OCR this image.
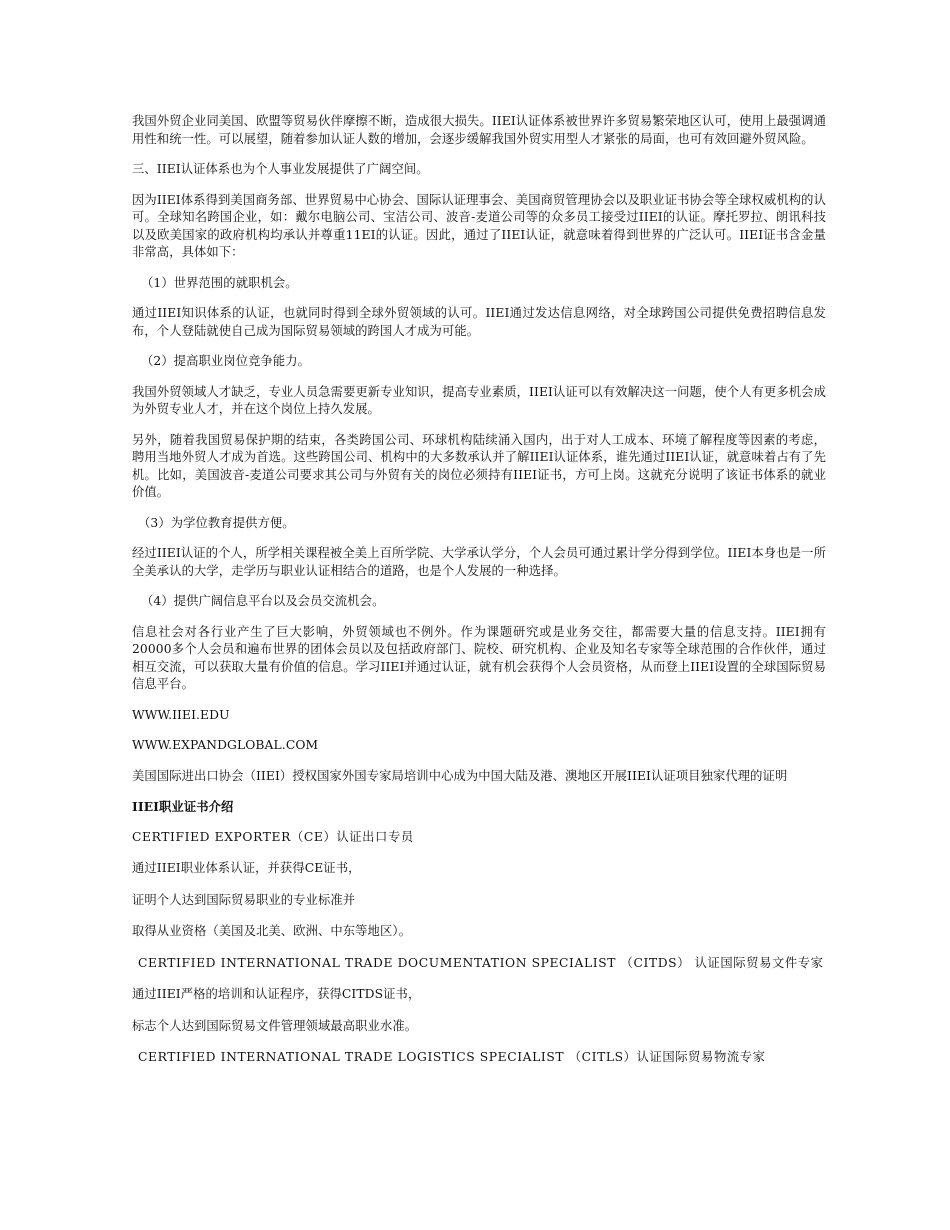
我国外贸企业同美国、欧盟等贸易伙伴摩擦不断，造成很大损失。IIEI认证体系被世界许多贸易繁荣地区认可，使用上最强调通用性和统一性。可以展望，随着参加认证人数的增加，会逐步缓解我国外贸实用型人才紧张的局面，也可有效回避外贸风险。

三、IIEI认证体系也为个人事业发展提供了广阔空间。

因为IIEI体系得到美国商务部、世界贸易中心协会、国际认证理事会、美国商贸管理协会以及职业证书协会等全球权威机构的认可。全球知名跨国企业，如：戴尔电脑公司、宝洁公司、波音-麦道公司等的众多员工接受过IIEI的认证。摩托罗拉、朗讯科技以及欧美国家的政府机构均承认并尊重11EI的认证。因此，通过了IIEI认证，就意味着得到世界的广泛认可。IIEI证书含金量非常高，具体如下：

（1）世界范围的就职机会。

通过IIEI知识体系的认证，也就同时得到全球外贸领域的认可。IIEI通过发达信息网络，对全球跨国公司提供免费招聘信息发布，个人登陆就使自己成为国际贸易领域的跨国人才成为可能。

（2）提高职业岗位竞争能力。

我国外贸领域人才缺乏，专业人员急需要更新专业知识，提高专业素质，IIEI认证可以有效解决这一问题，使个人有更多机会成为外贸专业人才，并在这个岗位上持久发展。

另外，随着我国贸易保护期的结束，各类跨国公司、环球机构陆续涌入国内，出于对人工成本、环境了解程度等因素的考虑，聘用当地外贸人才成为首选。这些跨国公司、机构中的大多数承认并了解IIEI认证体系，谁先通过IIEI认证，就意味着占有了先机。比如，美国波音-麦道公司要求其公司与外贸有关的岗位必须持有IIEI证书，方可上岗。这就充分说明了该证书体系的就业价值。

（3）为学位教育提供方便。

经过IIEI认证的个人，所学相关课程被全美上百所学院、大学承认学分，个人会员可通过累计学分得到学位。IIEI本身也是一所全美承认的大学，走学历与职业认证相结合的道路，也是个人发展的一种选择。

（4）提供广阔信息平台以及会员交流机会。

信息社会对各行业产生了巨大影响，外贸领域也不例外。作为课题研究或是业务交往，都需要大量的信息支持。IIEI拥有20000多个人会员和遍布世界的团体会员以及包括政府部门、院校、研究机构、企业及知名专家等全球范围的合作伙伴，通过相互交流，可以获取大量有价值的信息。学习IIEI并通过认证，就有机会获得个人会员资格，从而登上IIEI设置的全球国际贸易信息平台。

WWW.IIEI.EDU

WWW.EXPANDGLOBAL.COM

美国国际进出口协会（IIEI）授权国家外国专家局培训中心成为中国大陆及港、澳地区开展IIEI认证项目独家代理的证明

IIEI职业证书介绍

CERTIFIED EXPORTER（CE）认证出口专员

通过IIEI职业体系认证，并获得CE证书，

证明个人达到国际贸易职业的专业标准并

取得从业资格（美国及北美、欧洲、中东等地区）。

CERTIFIED INTERNATIONAL TRADE DOCUMENTATION SPECIALIST （CITDS） 认证国际贸易文件专家

通过IIEI严格的培训和认证程序，获得CITDS证书，

标志个人达到国际贸易文件管理领域最高职业水准。

CERTIFIED INTERNATIONAL TRADE LOGISTICS SPECIALIST （CITLS）认证国际贸易物流专家
